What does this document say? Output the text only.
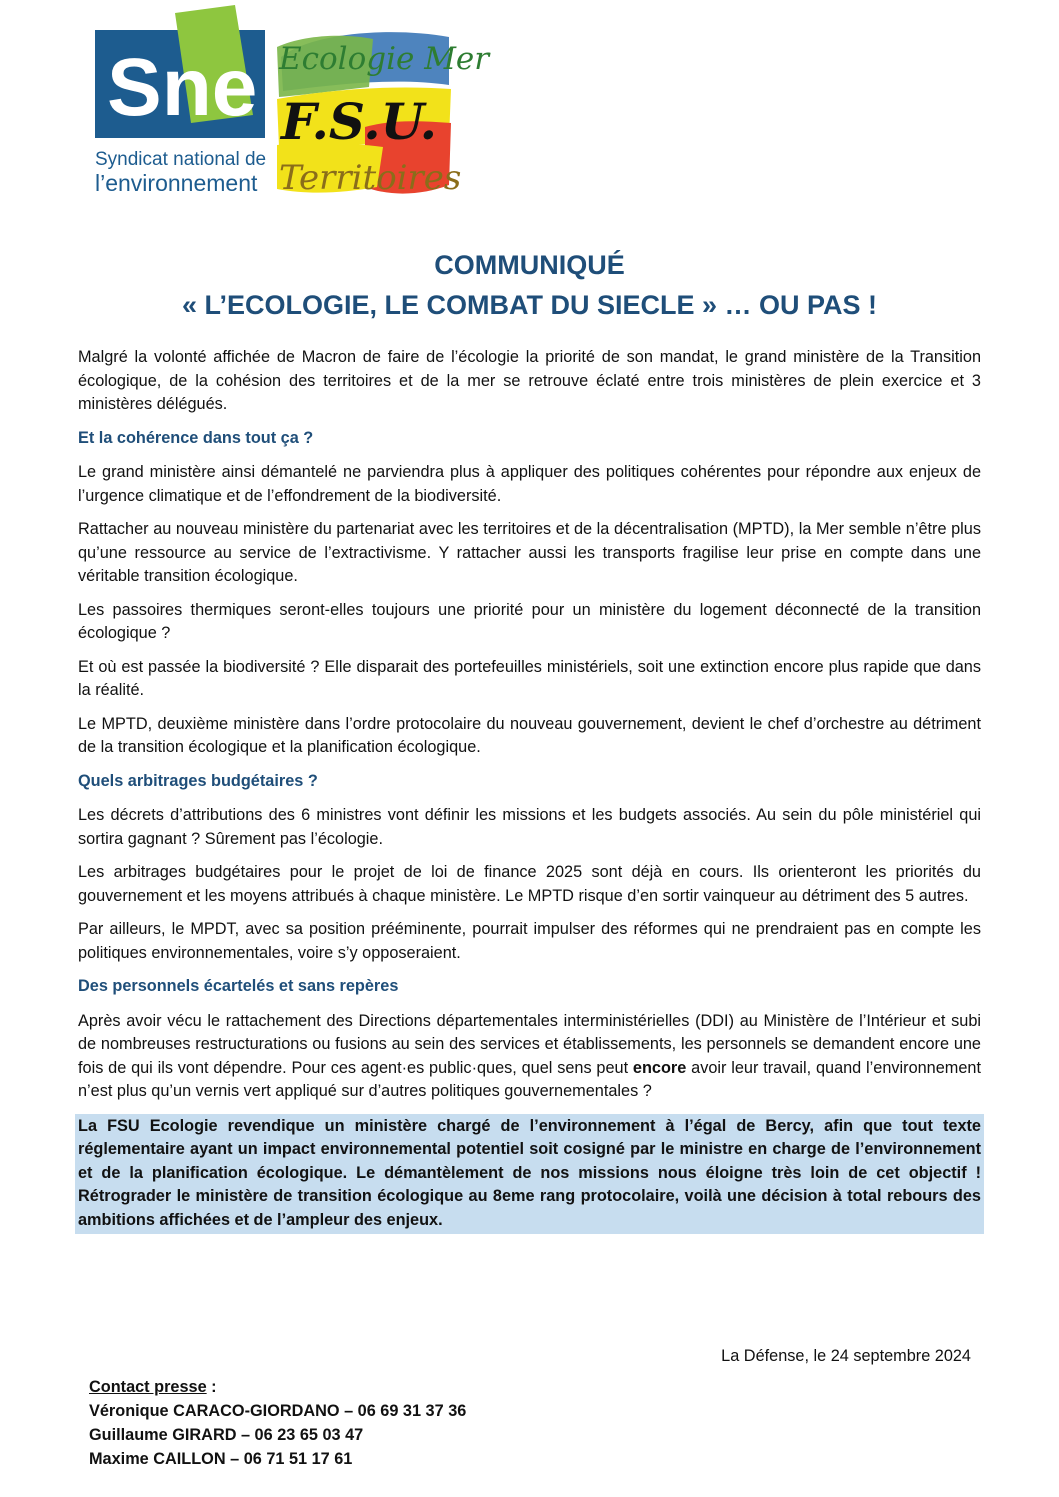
Sne
Syndicat national de
l’environnement
Ecologie Mer
F.S.U.
Territoires
COMMUNIQUÉ
« L’ECOLOGIE, LE COMBAT DU SIECLE » … OU PAS !

Malgré la volonté affichée de Macron de faire de l’écologie la priorité de son mandat, le grand ministère de la Transition écologique, de la cohésion des territoires et de la mer se retrouve éclaté entre trois ministères de plein exercice et 3 ministères délégués.

Et la cohérence dans tout ça ?

Le grand ministère ainsi démantelé ne parviendra plus à appliquer des politiques cohérentes pour répondre aux enjeux de l’urgence climatique et de l’effondrement de la biodiversité.

Rattacher au nouveau ministère du partenariat avec les territoires et de la décentralisation (MPTD), la Mer semble n’être plus qu’une ressource au service de l’extractivisme. Y rattacher aussi les transports fragilise leur prise en compte dans une véritable transition écologique.

Les passoires thermiques seront-elles toujours une priorité pour un ministère du logement déconnecté de la transition écologique ?

Et où est passée la biodiversité ? Elle disparait des portefeuilles ministériels, soit une extinction encore plus rapide que dans la réalité.

Le MPTD, deuxième ministère dans l’ordre protocolaire du nouveau gouvernement, devient le chef d’orchestre au détriment de la transition écologique et la planification écologique.

Quels arbitrages budgétaires ?

Les décrets d’attributions des 6 ministres vont définir les missions et les budgets associés. Au sein du pôle ministériel qui sortira gagnant ? Sûrement pas l’écologie.

Les arbitrages budgétaires pour le projet de loi de finance 2025 sont déjà en cours. Ils orienteront les priorités du gouvernement et les moyens attribués à chaque ministère. Le MPTD risque d’en sortir vainqueur au détriment des 5 autres.

Par ailleurs, le MPDT, avec sa position prééminente, pourrait impulser des réformes qui ne prendraient pas en compte les politiques environnementales, voire s’y opposeraient.

Des personnels écartelés et sans repères

Après avoir vécu le rattachement des Directions départementales interministérielles (DDI) au Ministère de l’Intérieur et subi de nombreuses restructurations ou fusions au sein des services et établissements, les personnels se demandent encore une fois de qui ils vont dépendre. Pour ces agent·es public·ques, quel sens peut encore avoir leur travail, quand l’environnement n’est plus qu’un vernis vert appliqué sur d’autres politiques gouvernementales ?

La FSU Ecologie revendique un ministère chargé de l’environnement à l’égal de Bercy, afin que tout texte réglementaire ayant un impact environnemental potentiel soit cosigné par le ministre en charge de l’environnement et de la planification écologique. Le démantèlement de nos missions nous éloigne très loin de cet objectif ! Rétrograder le ministère de transition écologique au 8eme rang protocolaire, voilà une décision à total rebours des ambitions affichées et de l’ampleur des enjeux.
La Défense, le 24 septembre 2024
Contact presse :
Véronique CARACO-GIORDANO – 06 69 31 37 36
Guillaume GIRARD – 06 23 65 03 47
Maxime CAILLON – 06 71 51 17 61
